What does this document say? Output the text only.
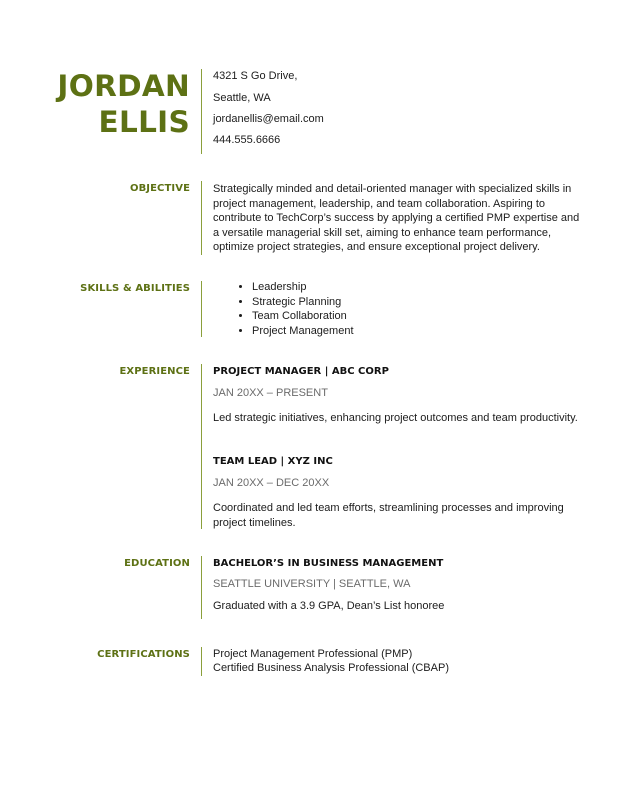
JORDAN
ELLIS
4321 S Go Drive,
Seattle, WA
jordanellis@email.com
444.555.6666
OBJECTIVE Strategically minded and detail-oriented manager with specialized skills in project management, leadership, and team collaboration. Aspiring to contribute to TechCorp’s success by applying a certified PMP expertise and a versatile managerial skill set, aiming to enhance team performance, optimize project strategies, and ensure exceptional project delivery.
SKILLS & ABILITIES
•	Leadership
• Strategic Planning
• Team Collaboration
• Project Management
EXPERIENCE PROJECT MANAGER | ABC CORP
JAN 20XX – PRESENT
Led strategic initiatives, enhancing project outcomes and team productivity.
TEAM LEAD | XYZ INC
JAN 20XX – DEC 20XX
Coordinated and led team efforts, streamlining processes and improving project timelines.
EDUCATION BACHELOR’S IN BUSINESS MANAGEMENT
SEATTLE UNIVERSITY | SEATTLE, WA
Graduated with a 3.9 GPA, Dean’s List honoree
CERTIFICATIONS Project Management Professional (PMP)
Certified Business Analysis Professional (CBAP)
